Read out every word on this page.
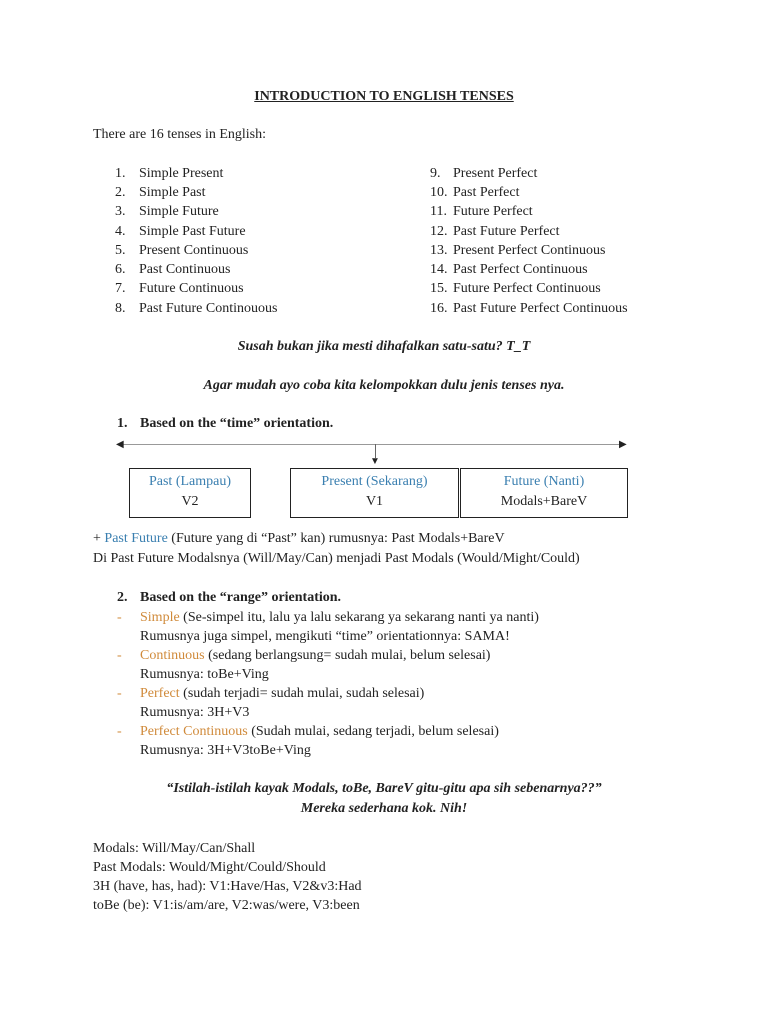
INTRODUCTION TO ENGLISH TENSES
There are 16 tenses in English:
1. Simple Present	9. Present Perfect
2. Simple Past	10. Past Perfect
3. Simple Future	11. Future Perfect
4. Simple Past Future	12. Past Future Perfect
5. Present Continuous	13. Present Perfect Continuous
6. Past Continuous	14. Past Perfect Continuous
7. Future Continuous	15. Future Perfect Continuous
8. Past Future Continouous	16. Past Future Perfect Continuous
Susah bukan jika mesti dihafalkan satu-satu? T_T
Agar mudah ayo coba kita kelompokkan dulu jenis tenses nya.
1. Based on the “time” orientation.
◀	▶
▼
Past (Lampau)
V2
Present (Sekarang)
V1
Future (Nanti)
Modals+BareV
+ Past Future (Future yang di “Past” kan) rumusnya: Past Modals+BareV
Di Past Future Modalsnya (Will/May/Can) menjadi Past Modals (Would/Might/Could)
2. Based on the “range” orientation.
- Simple (Se-simpel itu, lalu ya lalu sekarang ya sekarang nanti ya nanti)
Rumusnya juga simpel, mengikuti “time” orientationnya: SAMA!
- Continuous (sedang berlangsung= sudah mulai, belum selesai)
Rumusnya: toBe+Ving
- Perfect (sudah terjadi= sudah mulai, sudah selesai)
Rumusnya: 3H+V3
- Perfect Continuous (Sudah mulai, sedang terjadi, belum selesai)
Rumusnya: 3H+V3toBe+Ving
“Istilah-istilah kayak Modals, toBe, BareV gitu-gitu apa sih sebenarnya??”
Mereka sederhana kok. Nih!
Modals: Will/May/Can/Shall
Past Modals: Would/Might/Could/Should
3H (have, has, had): V1:Have/Has, V2&v3:Had
toBe (be): V1:is/am/are, V2:was/were, V3:been
